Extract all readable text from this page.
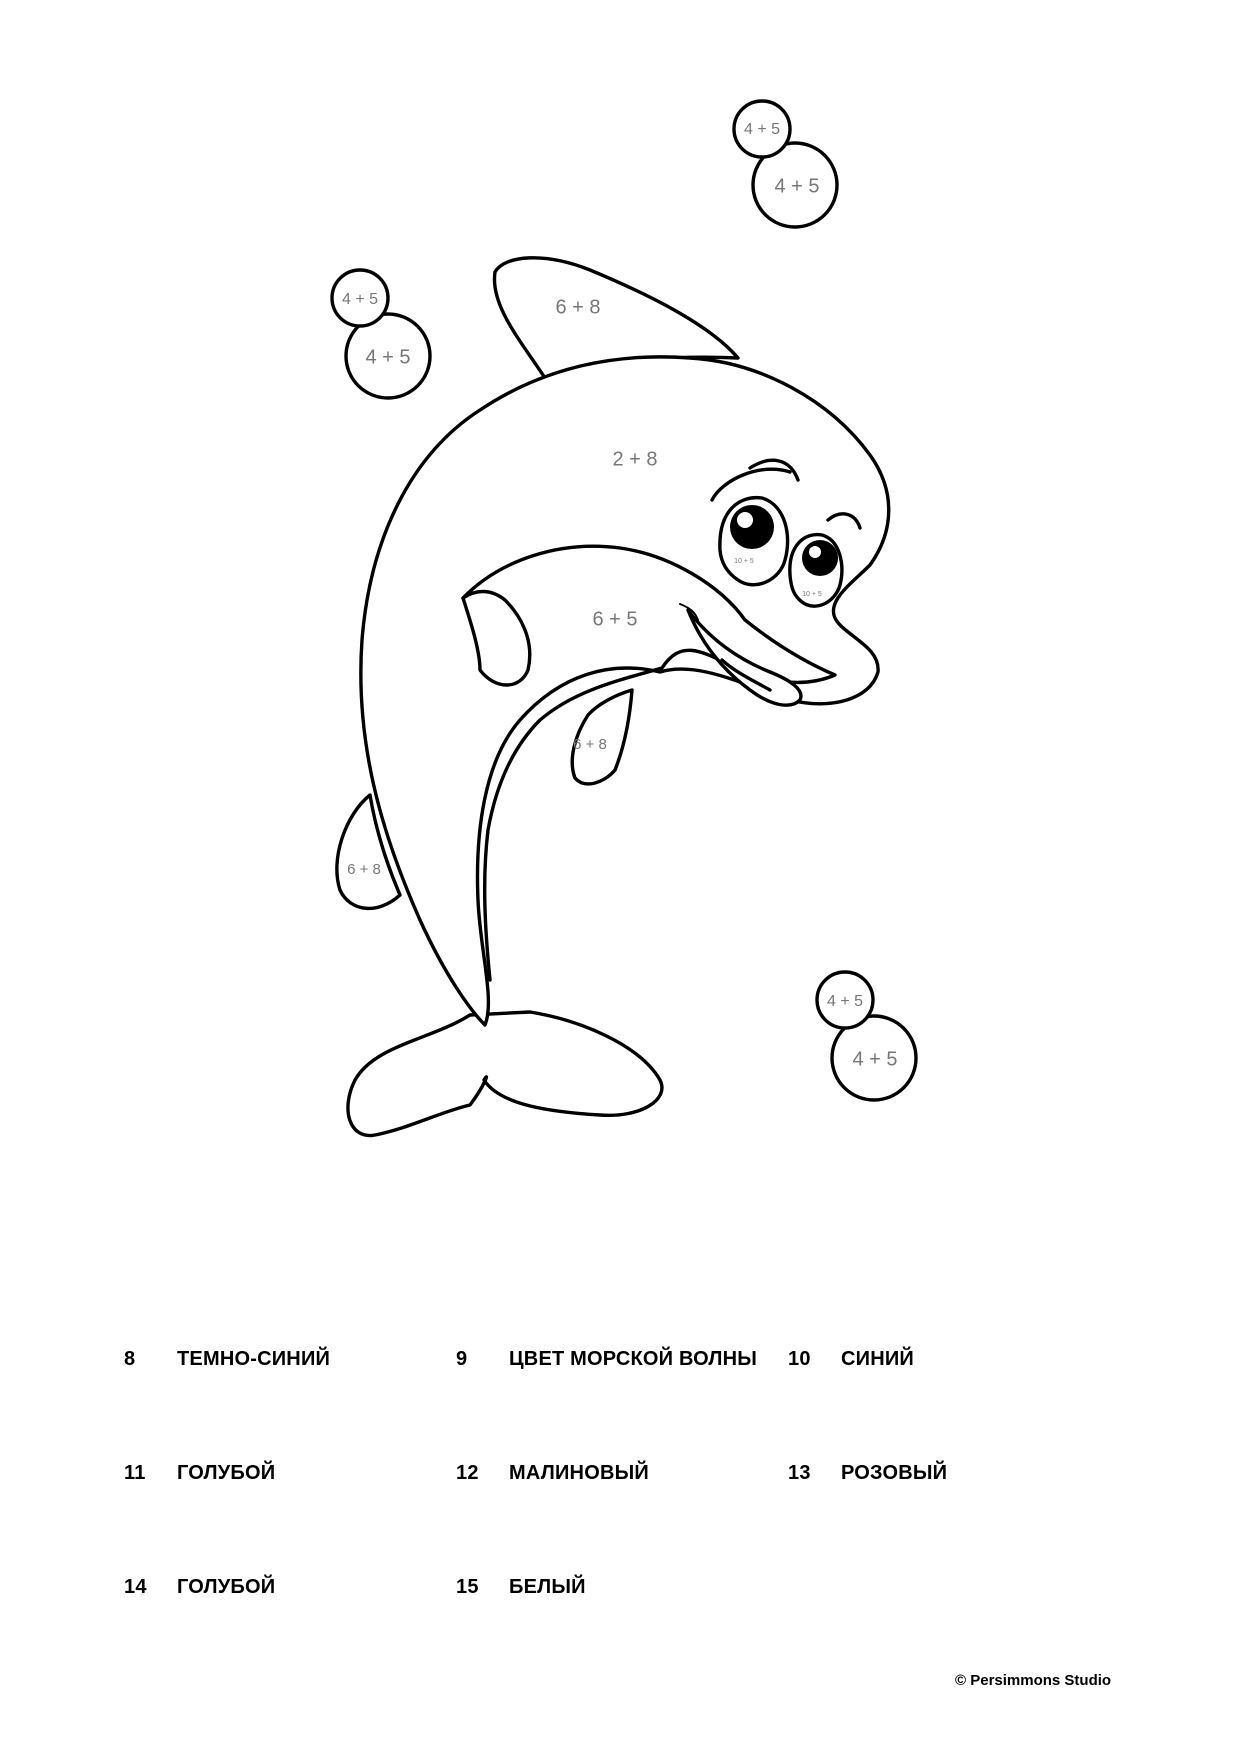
4 + 5
4 + 5
4 + 5
4 + 5
4 + 5
4 + 5
6 + 8
2 + 8
6 + 5
6 + 8
6 + 8
10 + 5
10 + 5
8 ТЕМНО-СИНИЙ	9 ЦВЕТ МОРСКОЙ ВОЛНЫ 10 СИНИЙ
11 ГОЛУБОЙ	12 МАЛИНОВЫЙ	13 РОЗОВЫЙ
14 ГОЛУБОЙ	15 БЕЛЫЙ
© Persimmons Studio
